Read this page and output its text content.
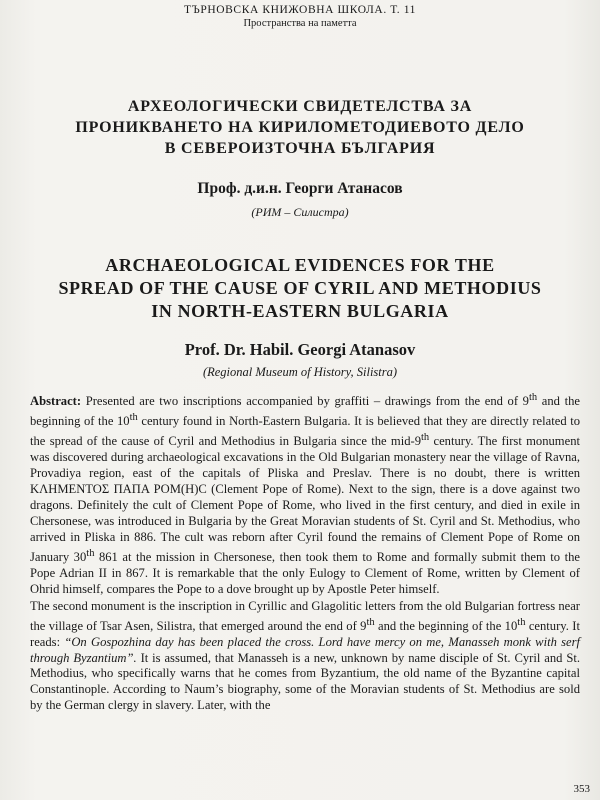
ТЪРНОВСКА КНИЖОВНА ШКОЛА. Т. 11
Пространства на паметта
АРХЕОЛОГИЧЕСКИ СВИДЕТЕЛСТВА ЗА
ПРОНИКВАНЕТО НА КИРИЛОМЕТОДИЕВОТО ДЕЛО
В СЕВЕРОИЗТОЧНА БЪЛГАРИЯ
Проф. д.и.н. Георги Атанасов
(РИМ – Силистра)
ARCHAEOLOGICAL EVIDENCES FOR THE
SPREAD OF THE CAUSE OF CYRIL AND METHODIUS
IN NORTH-EASTERN BULGARIA
Prof. Dr. Habil. Georgi Atanasov
(Regional Museum of History, Silistra)

Abstract: Presented are two inscriptions accompanied by graffiti – drawings from the end of 9th and the beginning of the 10th century found in North-Eastern Bulgaria. It is believed that they are directly related to the spread of the cause of Cyril and Methodius in Bulgaria since the mid-9th century. The first monument was discovered during archaeological excavations in the Old Bulgarian monastery near the village of Ravna, Provadiya region, east of the capitals of Pliska and Preslav. There is no doubt, there is written ΚΛΗΜΕΝΤΟΣ ΠΑΠΑ ΡΟΜ(Η)C (Clement Pope of Rome). Next to the sign, there is a dove against two dragons. Definitely the cult of Clement Pope of Rome, who lived in the first century, and died in exile in Chersonese, was introduced in Bulgaria by the Great Moravian students of St. Cyril and St. Methodius, who arrived in Pliska in 886. The cult was reborn after Cyril found the remains of Clement Pope of Rome on January 30th 861 at the mission in Chersonese, then took them to Rome and formally submit them to the Pope Adrian II in 867. It is remarkable that the only Eulogy to Clement of Rome, written by Clement of Ohrid himself, compares the Pope to a dove brought up by Apostle Peter himself.

The second monument is the inscription in Cyrillic and Glagolitic letters from the old Bulgarian fortress near the village of Tsar Asen, Silistra, that emerged around the end of 9th and the beginning of the 10th century. It reads: “On Gospozhina day has been placed the cross. Lord have mercy on me, Manasseh monk with serf through Byzantium”. It is assumed, that Manasseh is a new, unknown by name disciple of St. Cyril and St. Methodius, who specifically warns that he comes from Byzantium, the old name of the Byzantine capital Constantinople. According to Naum’s biography, some of the Moravian students of St. Methodius are sold by the German clergy in slavery. Later, with the

353
